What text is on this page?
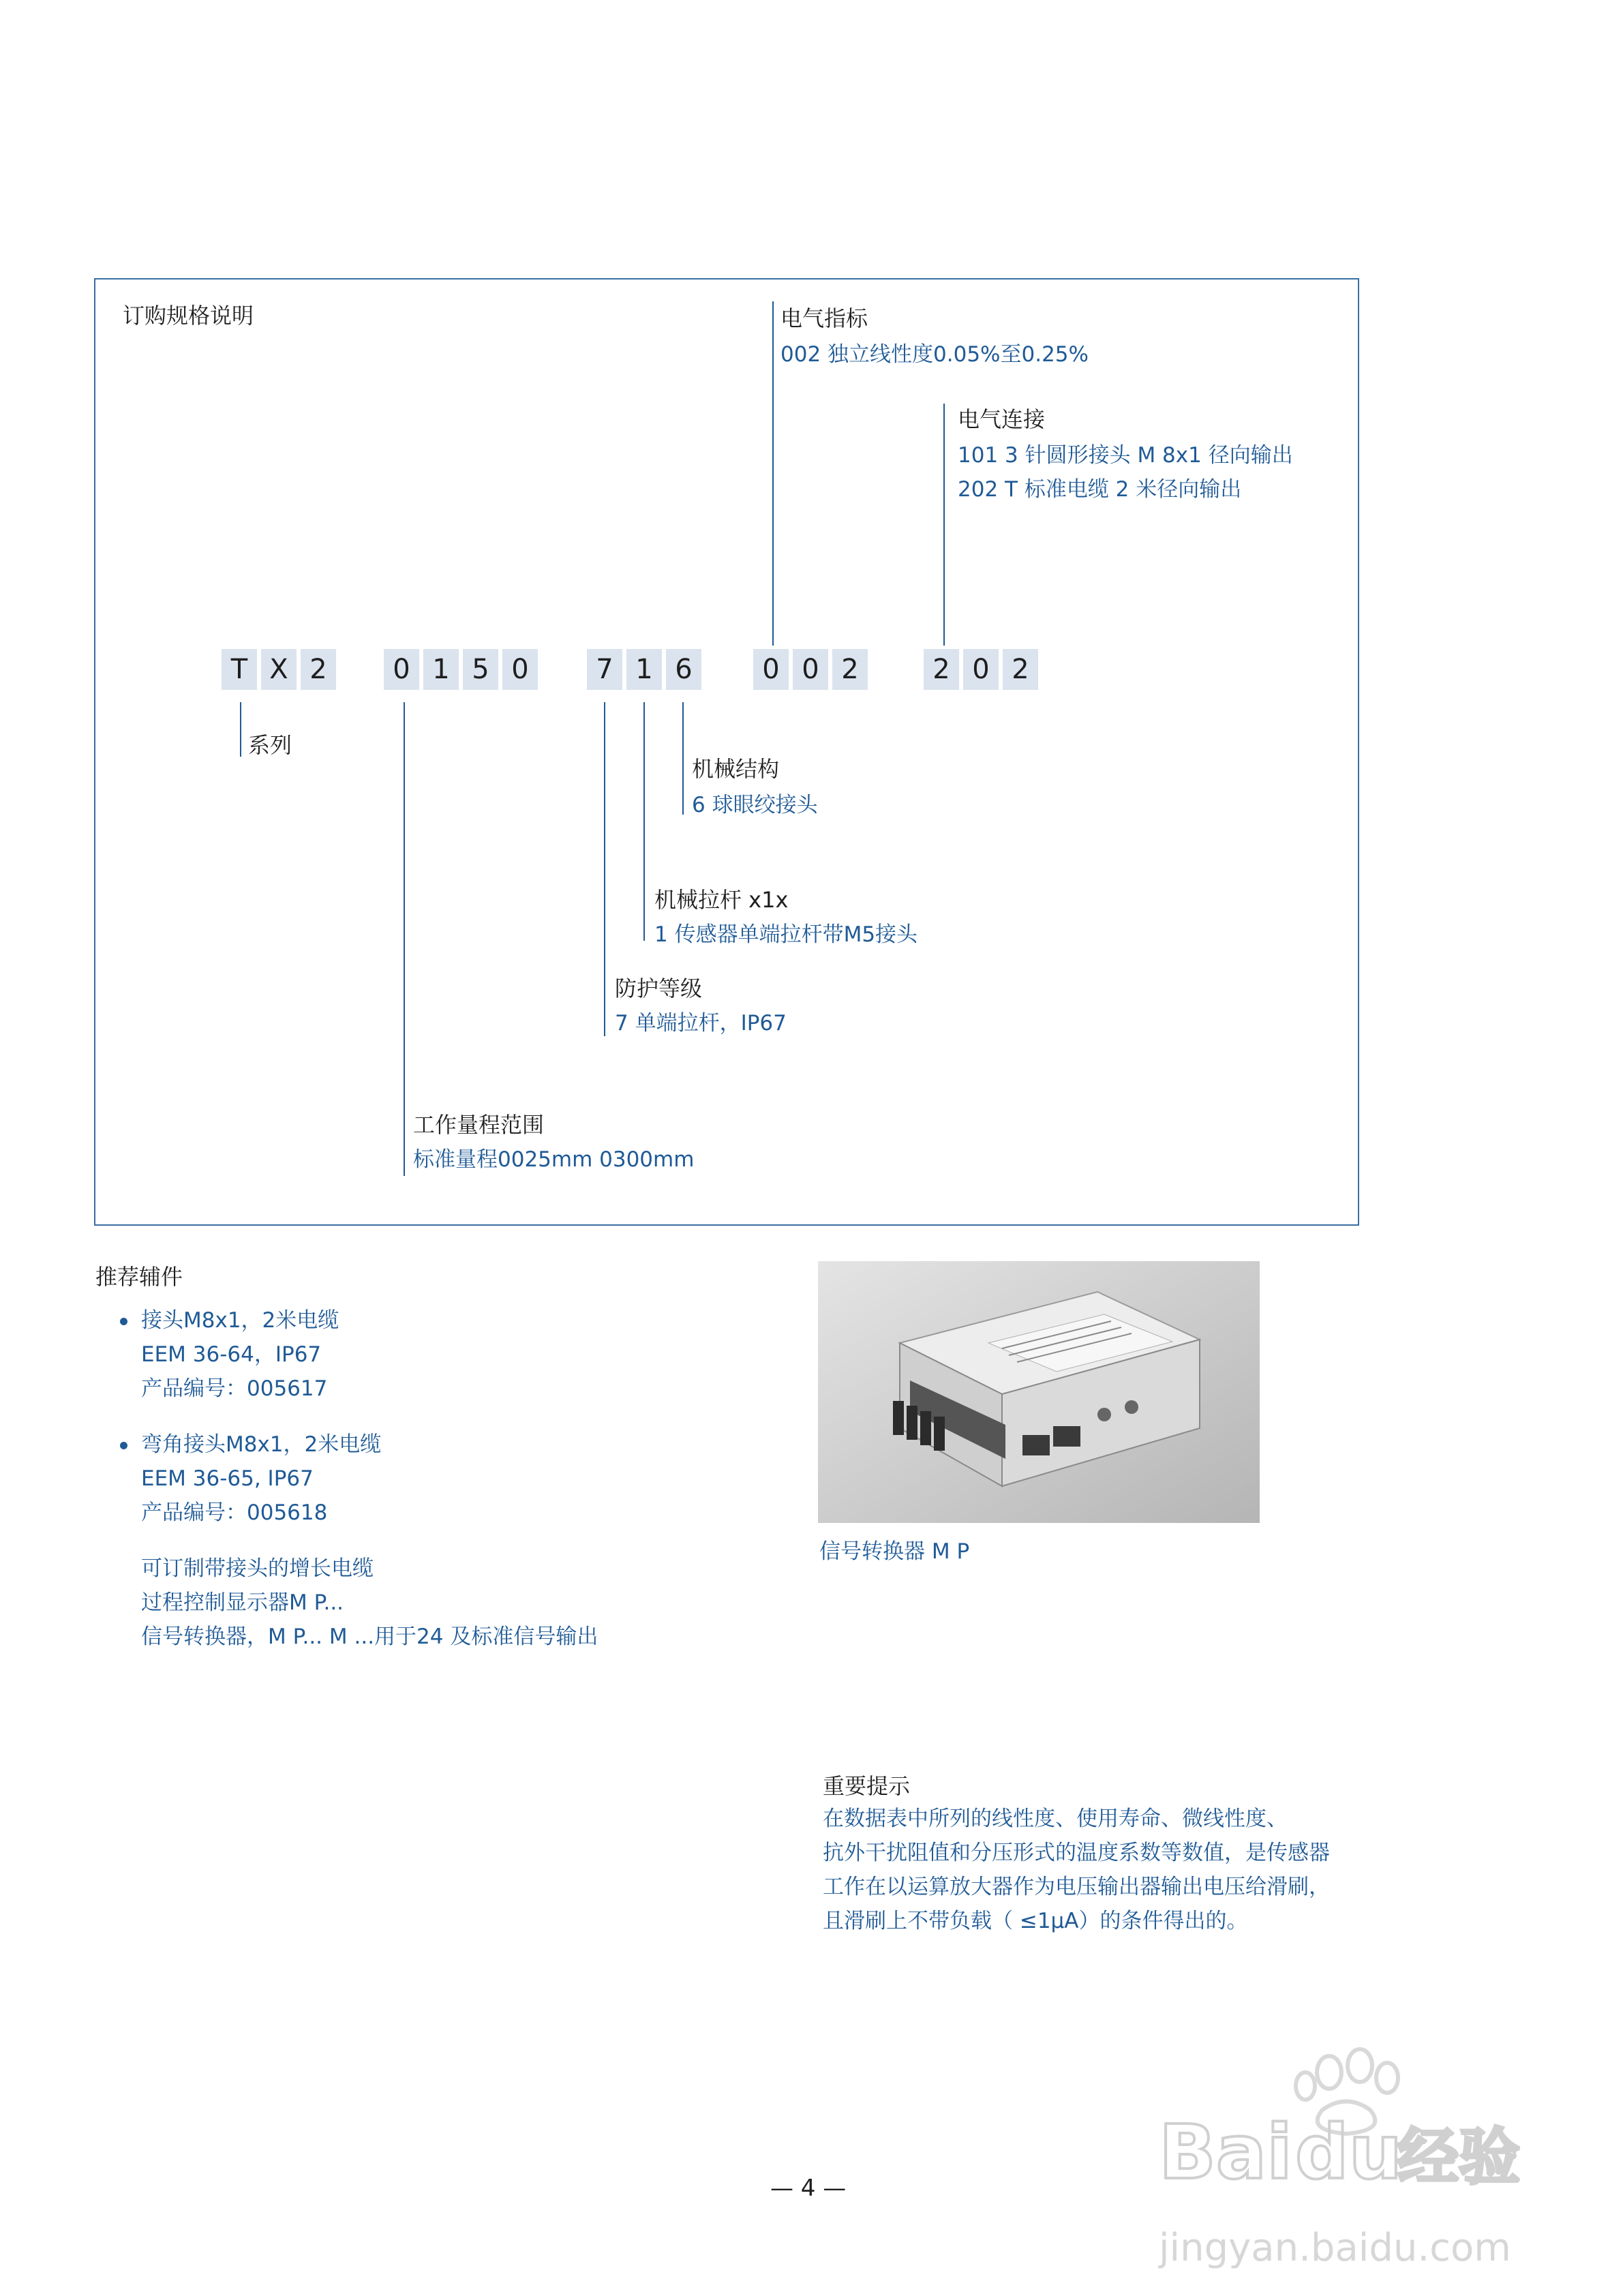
订购规格说明	电气指标
002 独立线性度0.05%至0.25%
电气连接
101 3 针圆形接头 M 8x1 径向输出
202 T 标准电缆 2 米径向输出
T X 2	0 1 5 0	7 1 6	0 0 2	2 0 2
系列
机械结构
6 球眼绞接头
机械拉杆 x1x
1 传感器单端拉杆带M5接头
防护等级
7 单端拉杆，IP67
工作量程范围
标准量程0025mm 0300mm
推荐辅件
接头M8x1，2米电缆
EEM 36-64，IP67
产品编号：005617
弯角接头M8x1，2米电缆
EEM 36-65, IP67
产品编号：005618
可订制带接头的增长电缆
过程控制显示器M P...
信号转换器，M P... M ...用于24 及标准信号输出
信号转换器 M P
重要提示
在数据表中所列的线性度、使用寿命、微线性度、
抗外干扰阻值和分压形式的温度系数等数值，是传感器
工作在以运算放大器作为电压输出器输出电压给滑刷，
且滑刷上不带负载（ ≤1μA）的条件得出的。
— 4 —	Bai du
经验
jingyan.baidu.com
